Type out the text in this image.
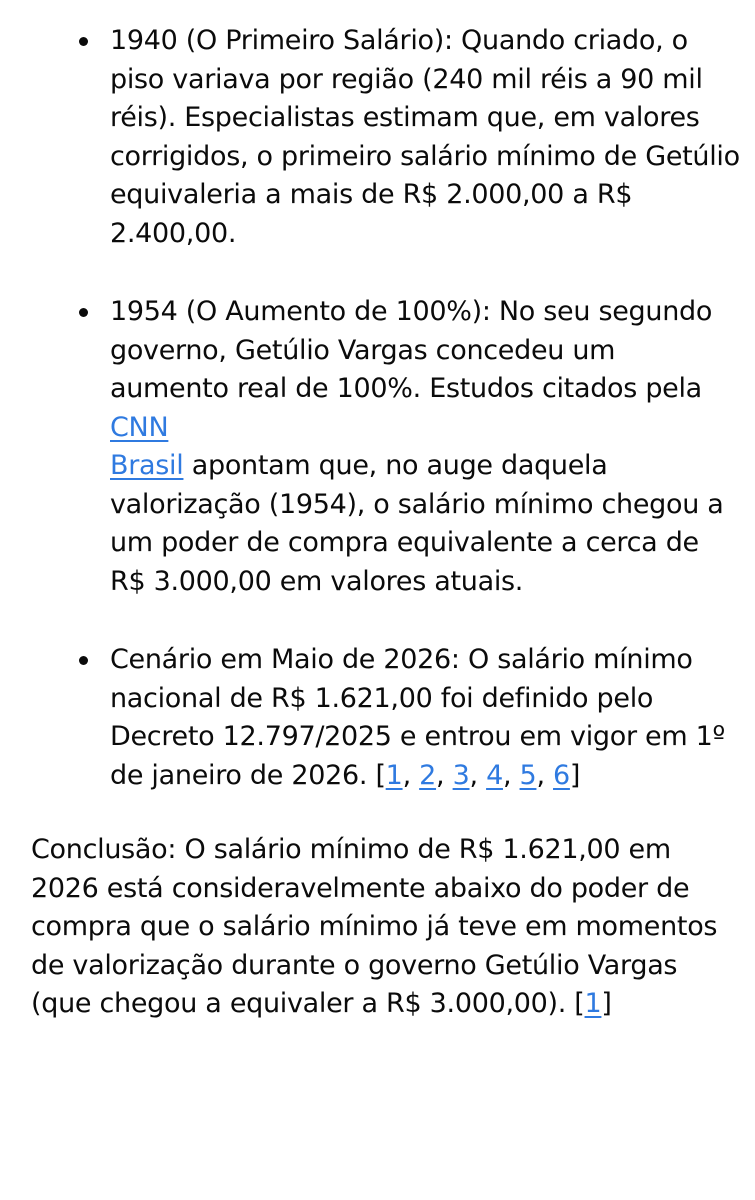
1940 (O Primeiro Salário): Quando criado, o piso variava por região (240 mil réis a 90 mil réis). Especialistas estimam que, em valores corrigidos, o primeiro salário mínimo de Getúlio equivaleria a mais de R$ 2.000,00 a R$ 2.400,00.
1954 (O Aumento de 100%): No seu segundo governo, Getúlio Vargas concedeu um aumento real de 100%. Estudos citados pela CNN
Brasil apontam que, no auge daquela valorização (1954), o salário mínimo chegou a um poder de compra equivalente a cerca de R$ 3.000,00 em valores atuais.
Cenário em Maio de 2026: O salário mínimo nacional de R$ 1.621,00 foi definido pelo Decreto 12.797/2025 e entrou em vigor em 1º de janeiro de 2026. [1, 2, 3, 4, 5, 6]

Conclusão: O salário mínimo de R$ 1.621,00 em 2026 está consideravelmente abaixo do poder de compra que o salário mínimo já teve em momentos de valorização durante o governo Getúlio Vargas (que chegou a equivaler a R$ 3.000,00). [1]
